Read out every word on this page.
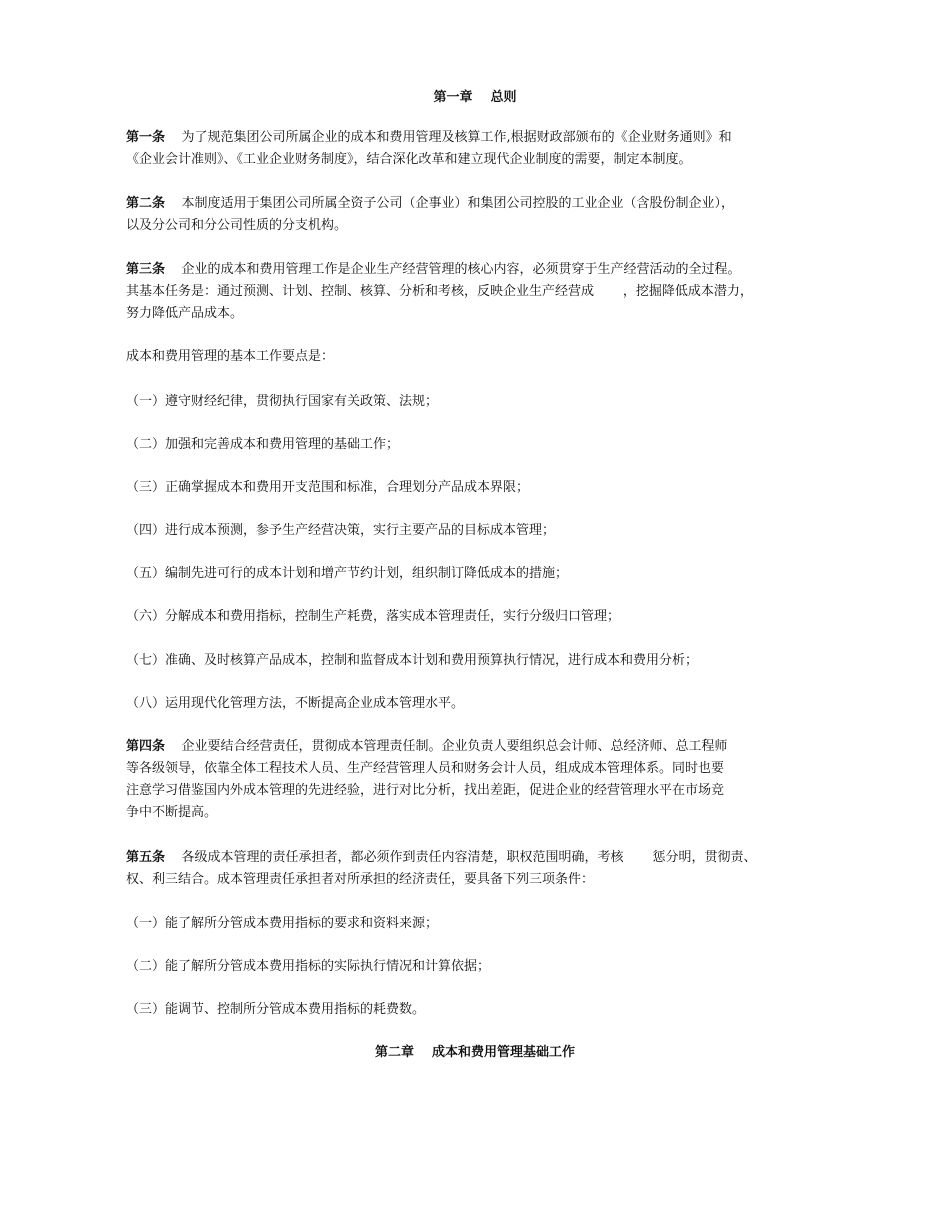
第一章    总则
第一条    为了规范集团公司所属企业的成本和费用管理及核算工作,根据财政部颁布的《企业财务通则》和
《企业会计准则》、《工业企业财务制度》，结合深化改革和建立现代企业制度的需要，制定本制度。
第二条    本制度适用于集团公司所属全资子公司（企事业）和集团公司控股的工业企业（含股份制企业），
以及分公司和分公司性质的分支机构。
第三条    企业的成本和费用管理工作是企业生产经营管理的核心内容，必须贯穿于生产经营活动的全过程。
其基本任务是：通过预测、计划、控制、核算、分析和考核，反映企业生产经营成       ，挖掘降低成本潜力，
努力降低产品成本。
成本和费用管理的基本工作要点是：
（一）遵守财经纪律，贯彻执行国家有关政策、法规；
（二）加强和完善成本和费用管理的基础工作；
（三）正确掌握成本和费用开支范围和标准，合理划分产品成本界限；
（四）进行成本预测，参予生产经营决策，实行主要产品的目标成本管理；
（五）编制先进可行的成本计划和增产节约计划，组织制订降低成本的措施；
（六）分解成本和费用指标，控制生产耗费，落实成本管理责任，实行分级归口管理；
（七）准确、及时核算产品成本，控制和监督成本计划和费用预算执行情况，进行成本和费用分析；
（八）运用现代化管理方法，不断提高企业成本管理水平。
第四条    企业要结合经营责任，贯彻成本管理责任制。企业负责人要组织总会计师、总经济师、总工程师
等各级领导，依靠全体工程技术人员、生产经营管理人员和财务会计人员，组成成本管理体系。同时也要
注意学习借鉴国内外成本管理的先进经验，进行对比分析，找出差距，促进企业的经营管理水平在市场竞
争中不断提高。
第五条    各级成本管理的责任承担者，都必须作到责任内容清楚，职权范围明确，考核       惩分明，贯彻责、
权、利三结合。成本管理责任承担者对所承担的经济责任，要具备下列三项条件：
（一）能了解所分管成本费用指标的要求和资料来源；
（二）能了解所分管成本费用指标的实际执行情况和计算依据；
（三）能调节、控制所分管成本费用指标的耗费数。
第二章    成本和费用管理基础工作
